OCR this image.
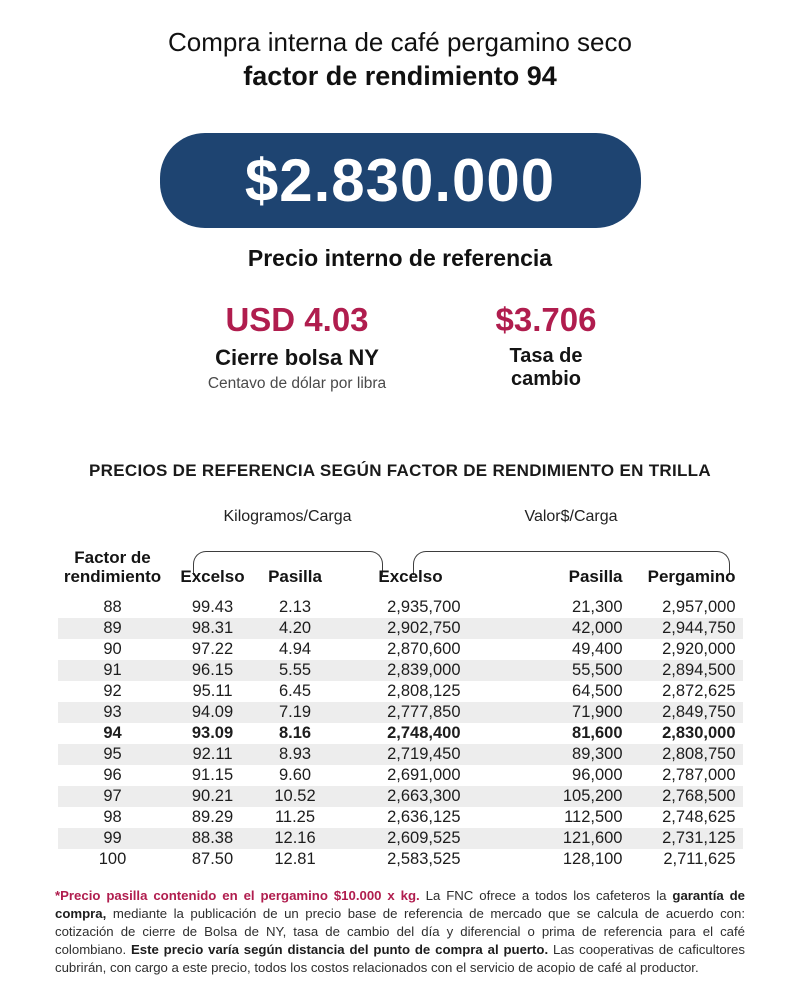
Compra interna de café pergamino seco
factor de rendimiento 94
$2.830.000
Precio interno de referencia
USD 4.03
Cierre bolsa NY
Centavo de dólar por libra
$3.706
Tasa de cambio
PRECIOS DE REFERENCIA SEGÚN FACTOR DE RENDIMIENTO EN TRILLA
Kilogramos/Carga	Valor$/Carga
Factor de rendimiento	Excelso	Pasilla	Excelso	Pasilla	Pergamino
88	99.43	2.13	2,935,700	21,300	2,957,000
89	98.31	4.20	2,902,750	42,000	2,944,750
90	97.22	4.94	2,870,600	49,400	2,920,000
91	96.15	5.55	2,839,000	55,500	2,894,500
92	95.11	6.45	2,808,125	64,500	2,872,625
93	94.09	7.19	2,777,850	71,900	2,849,750
94	93.09	8.16	2,748,400	81,600	2,830,000
95	92.11	8.93	2,719,450	89,300	2,808,750
96	91.15	9.60	2,691,000	96,000	2,787,000
97	90.21	10.52	2,663,300	105,200	2,768,500
98	89.29	11.25	2,636,125	112,500	2,748,625
99	88.38	12.16	2,609,525	121,600	2,731,125
100	87.50	12.81	2,583,525	128,100	2,711,625
*Precio pasilla contenido en el pergamino $10.000 x kg. La FNC ofrece a todos los cafeteros la garantía de compra, mediante la publicación de un precio base de referencia de mercado que se calcula de acuerdo con: cotización de cierre de Bolsa de NY, tasa de cambio del día y diferencial o prima de referencia para el café colombiano. Este precio varía según distancia del punto de compra al puerto. Las cooperativas de caficultores cubrirán, con cargo a este precio, todos los costos relacionados con el servicio de acopio de café al productor.
